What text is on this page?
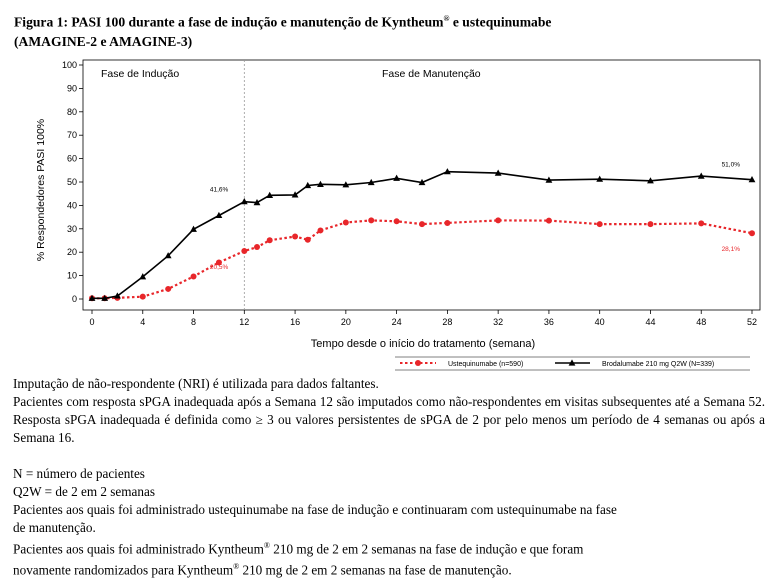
Figura 1: PASI 100 durante a fase de indução e manutenção de Kyntheum® e ustequinumabe
(AMAGINE-2 e AMAGINE-3)
0
10
20
30
40
50
60
70
80
90
100
0	4	8	12	16	20	24	28	32	36	40	44	48	52
Tempo desde o início do tratamento (semana)
% Respondedores PASI 100%
Fase de Indução	Fase de Manutenção
20,5%
28,1%
41,6%
51,0%
Ustequinumabe (n=590)	Brodalumabe 210 mg Q2W (N=339)

Imputação de não-respondente (NRI) é utilizada para dados faltantes.

Pacientes com resposta sPGA inadequada após a Semana 12 são imputados como não-respondentes em visitas subsequentes até a Semana 52. Resposta sPGA inadequada é definida como ≥ 3 ou valores persistentes de sPGA de 2 por pelo menos um período de 4 semanas ou após a Semana 16.

N = número de pacientes

Q2W = de 2 em 2 semanas

Pacientes aos quais foi administrado ustequinumabe na fase de indução e continuaram com ustequinumabe na fase
de manutenção.

Pacientes aos quais foi administrado Kyntheum® 210 mg de 2 em 2 semanas na fase de indução e que foram
novamente randomizados para Kyntheum® 210 mg de 2 em 2 semanas na fase de manutenção.
